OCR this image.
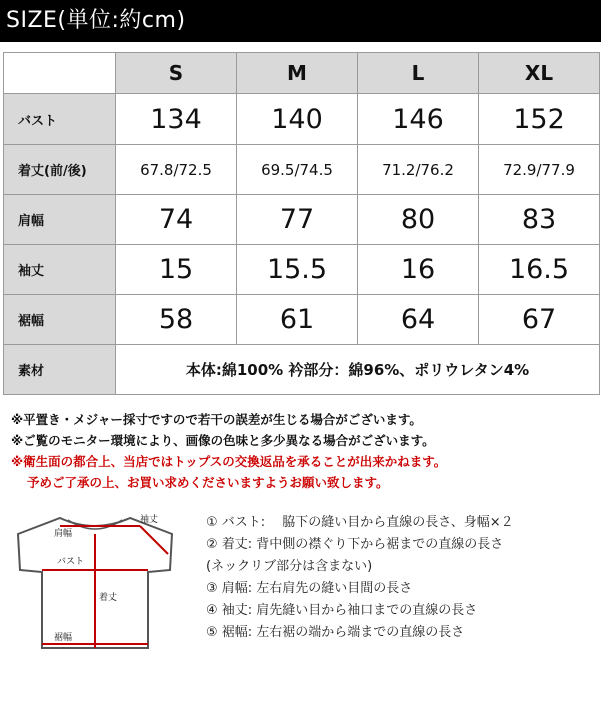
SIZE(単位:約cm)
	S	M	L	XL
バスト	134	140	146	152
着丈(前/後)	67.8/72.5	69.5/74.5	71.2/76.2	72.9/77.9
肩幅	74	77	80	83
袖丈	15	15.5	16	16.5
裾幅	58	61	64	67
素材	本体:綿100% 衿部分：綿96%、ポリウレタン4%			
※平置き・メジャー採寸ですので若干の誤差が生じる場合がございます。
※ご覧のモニター環境により、画像の色味と多少異なる場合がございます。
※衛生面の都合上、当店ではトップスの交換返品を承ることが出来かねます。
予めご了承の上、お買い求めくださいますようお願い致します。
肩幅
袖丈
バスト
着丈
裾幅
① バスト:　 脇下の縫い目から直線の長さ、身幅×２
② 着丈: 背中側の襟ぐり下から裾までの直線の長さ
(ネックリブ部分は含まない)
③ 肩幅: 左右肩先の縫い目間の長さ
④ 袖丈: 肩先縫い目から袖口までの直線の長さ
⑤ 裾幅: 左右裾の端から端までの直線の長さ
